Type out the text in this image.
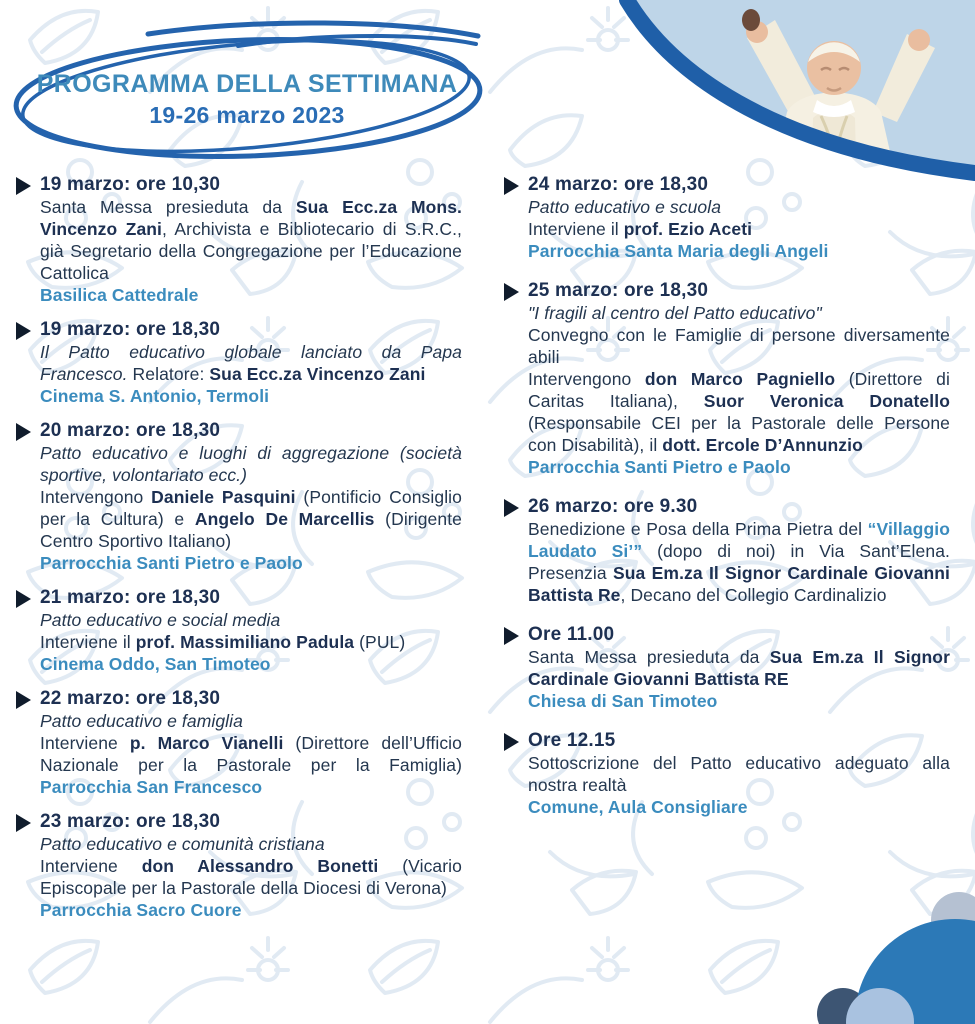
PROGRAMMA DELLA SETTIMANA
19-26 marzo 2023
19 marzo: ore 10,30
Santa Messa presieduta da Sua Ecc.za Mons. Vincenzo Zani, Archivista e Bibliotecario di S.R.C., già Segretario della Congregazione per l’Educazione Cattolica
Basilica Cattedrale
19 marzo: ore 18,30
Il Patto educativo globale lanciato da Papa Francesco. Relatore: Sua Ecc.za Vincenzo Zani
Cinema S. Antonio, Termoli
20 marzo: ore 18,30
Patto educativo e luoghi di aggregazione (società sportive, volontariato ecc.)
Intervengono Daniele Pasquini (Pontificio Consiglio per la Cultura) e Angelo De Marcellis (Dirigente Centro Sportivo Italiano)
Parrocchia Santi Pietro e Paolo
21 marzo: ore 18,30
Patto educativo e social media
Interviene il prof. Massimiliano Padula (PUL)
Cinema Oddo, San Timoteo
22 marzo: ore 18,30
Patto educativo e famiglia
Interviene p. Marco Vianelli (Direttore dell’Ufficio Nazionale per la Pastorale per la Famiglia) Parrocchia San Francesco
23 marzo: ore 18,30
Patto educativo e comunità cristiana
Interviene don Alessandro Bonetti (Vicario Episcopale per la Pastorale della Diocesi di Verona)
Parrocchia Sacro Cuore
24 marzo: ore 18,30
Patto educativo e scuola
Interviene il prof. Ezio Aceti
Parrocchia Santa Maria degli Angeli
25 marzo: ore 18,30
"I fragili al centro del Patto educativo"
Convegno con le Famiglie di persone diversamente abili
Intervengono don Marco Pagniello (Direttore di Caritas Italiana), Suor Veronica Donatello (Responsabile CEI per la Pastorale delle Persone con Disabilità), il dott. Ercole D’Annunzio
Parrocchia Santi Pietro e Paolo
26 marzo: ore 9.30
Benedizione e Posa della Prima Pietra del “Villaggio Laudato Si’” (dopo di noi) in Via Sant’Elena. Presenzia Sua Em.za Il Signor Cardinale Giovanni Battista Re, Decano del Collegio Cardinalizio
Ore 11.00
Santa Messa presieduta da Sua Em.za Il Signor Cardinale Giovanni Battista RE
Chiesa di San Timoteo
Ore 12.15
Sottoscrizione del Patto educativo adeguato alla nostra realtà
Comune, Aula Consigliare
